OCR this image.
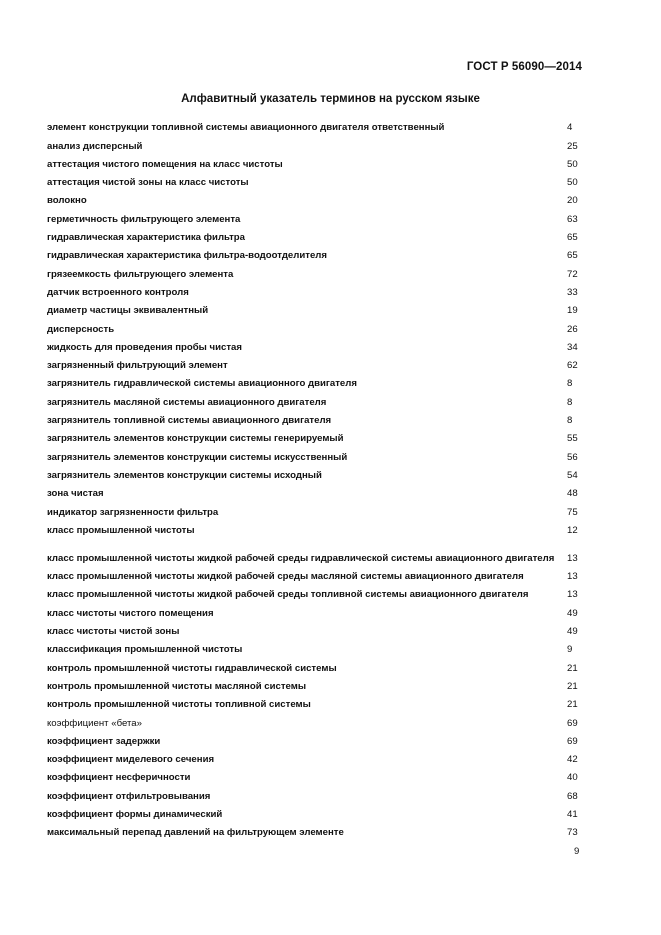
ГОСТ Р 56090—2014
Алфавитный указатель терминов на русском языке
элемент конструкции топливной системы авиационного двигателя ответственный	4
анализ дисперсный	25
аттестация чистого помещения на класс чистоты	50
аттестация чистой зоны на класс чистоты	50
волокно	20
герметичность фильтрующего элемента	63
гидравлическая характеристика фильтра	65
гидравлическая характеристика фильтра-водоотделителя	65
грязеемкость фильтрующего элемента	72
датчик встроенного контроля	33
диаметр частицы эквивалентный	19
дисперсность	26
жидкость для проведения пробы чистая	34
загрязненный фильтрующий элемент	62
загрязнитель гидравлической системы авиационного двигателя	8
загрязнитель масляной системы авиационного двигателя	8
загрязнитель топливной системы авиационного двигателя	8
загрязнитель элементов конструкции системы генерируемый	55
загрязнитель элементов конструкции системы искусственный	56
загрязнитель элементов конструкции системы исходный	54
зона чистая	48
индикатор загрязненности фильтра	75
класс промышленной чистоты	12
класс промышленной чистоты жидкой рабочей среды гидравлической системы авиационного двигателя	13
класс промышленной чистоты жидкой рабочей среды масляной системы авиационного двигателя	13
класс промышленной чистоты жидкой рабочей среды топливной системы авиационного двигателя	13
класс чистоты чистого помещения	49
класс чистоты чистой зоны	49
классификация промышленной чистоты	9
контроль промышленной чистоты гидравлической системы	21
контроль промышленной чистоты масляной системы	21
контроль промышленной чистоты топливной системы	21
коэффициент «бета»	69
коэффициент задержки	69
коэффициент миделевого сечения	42
коэффициент несферичности	40
коэффициент отфильтровывания	68
коэффициент формы динамический	41
максимальный перепад давлений на фильтрующем элементе	73
9
